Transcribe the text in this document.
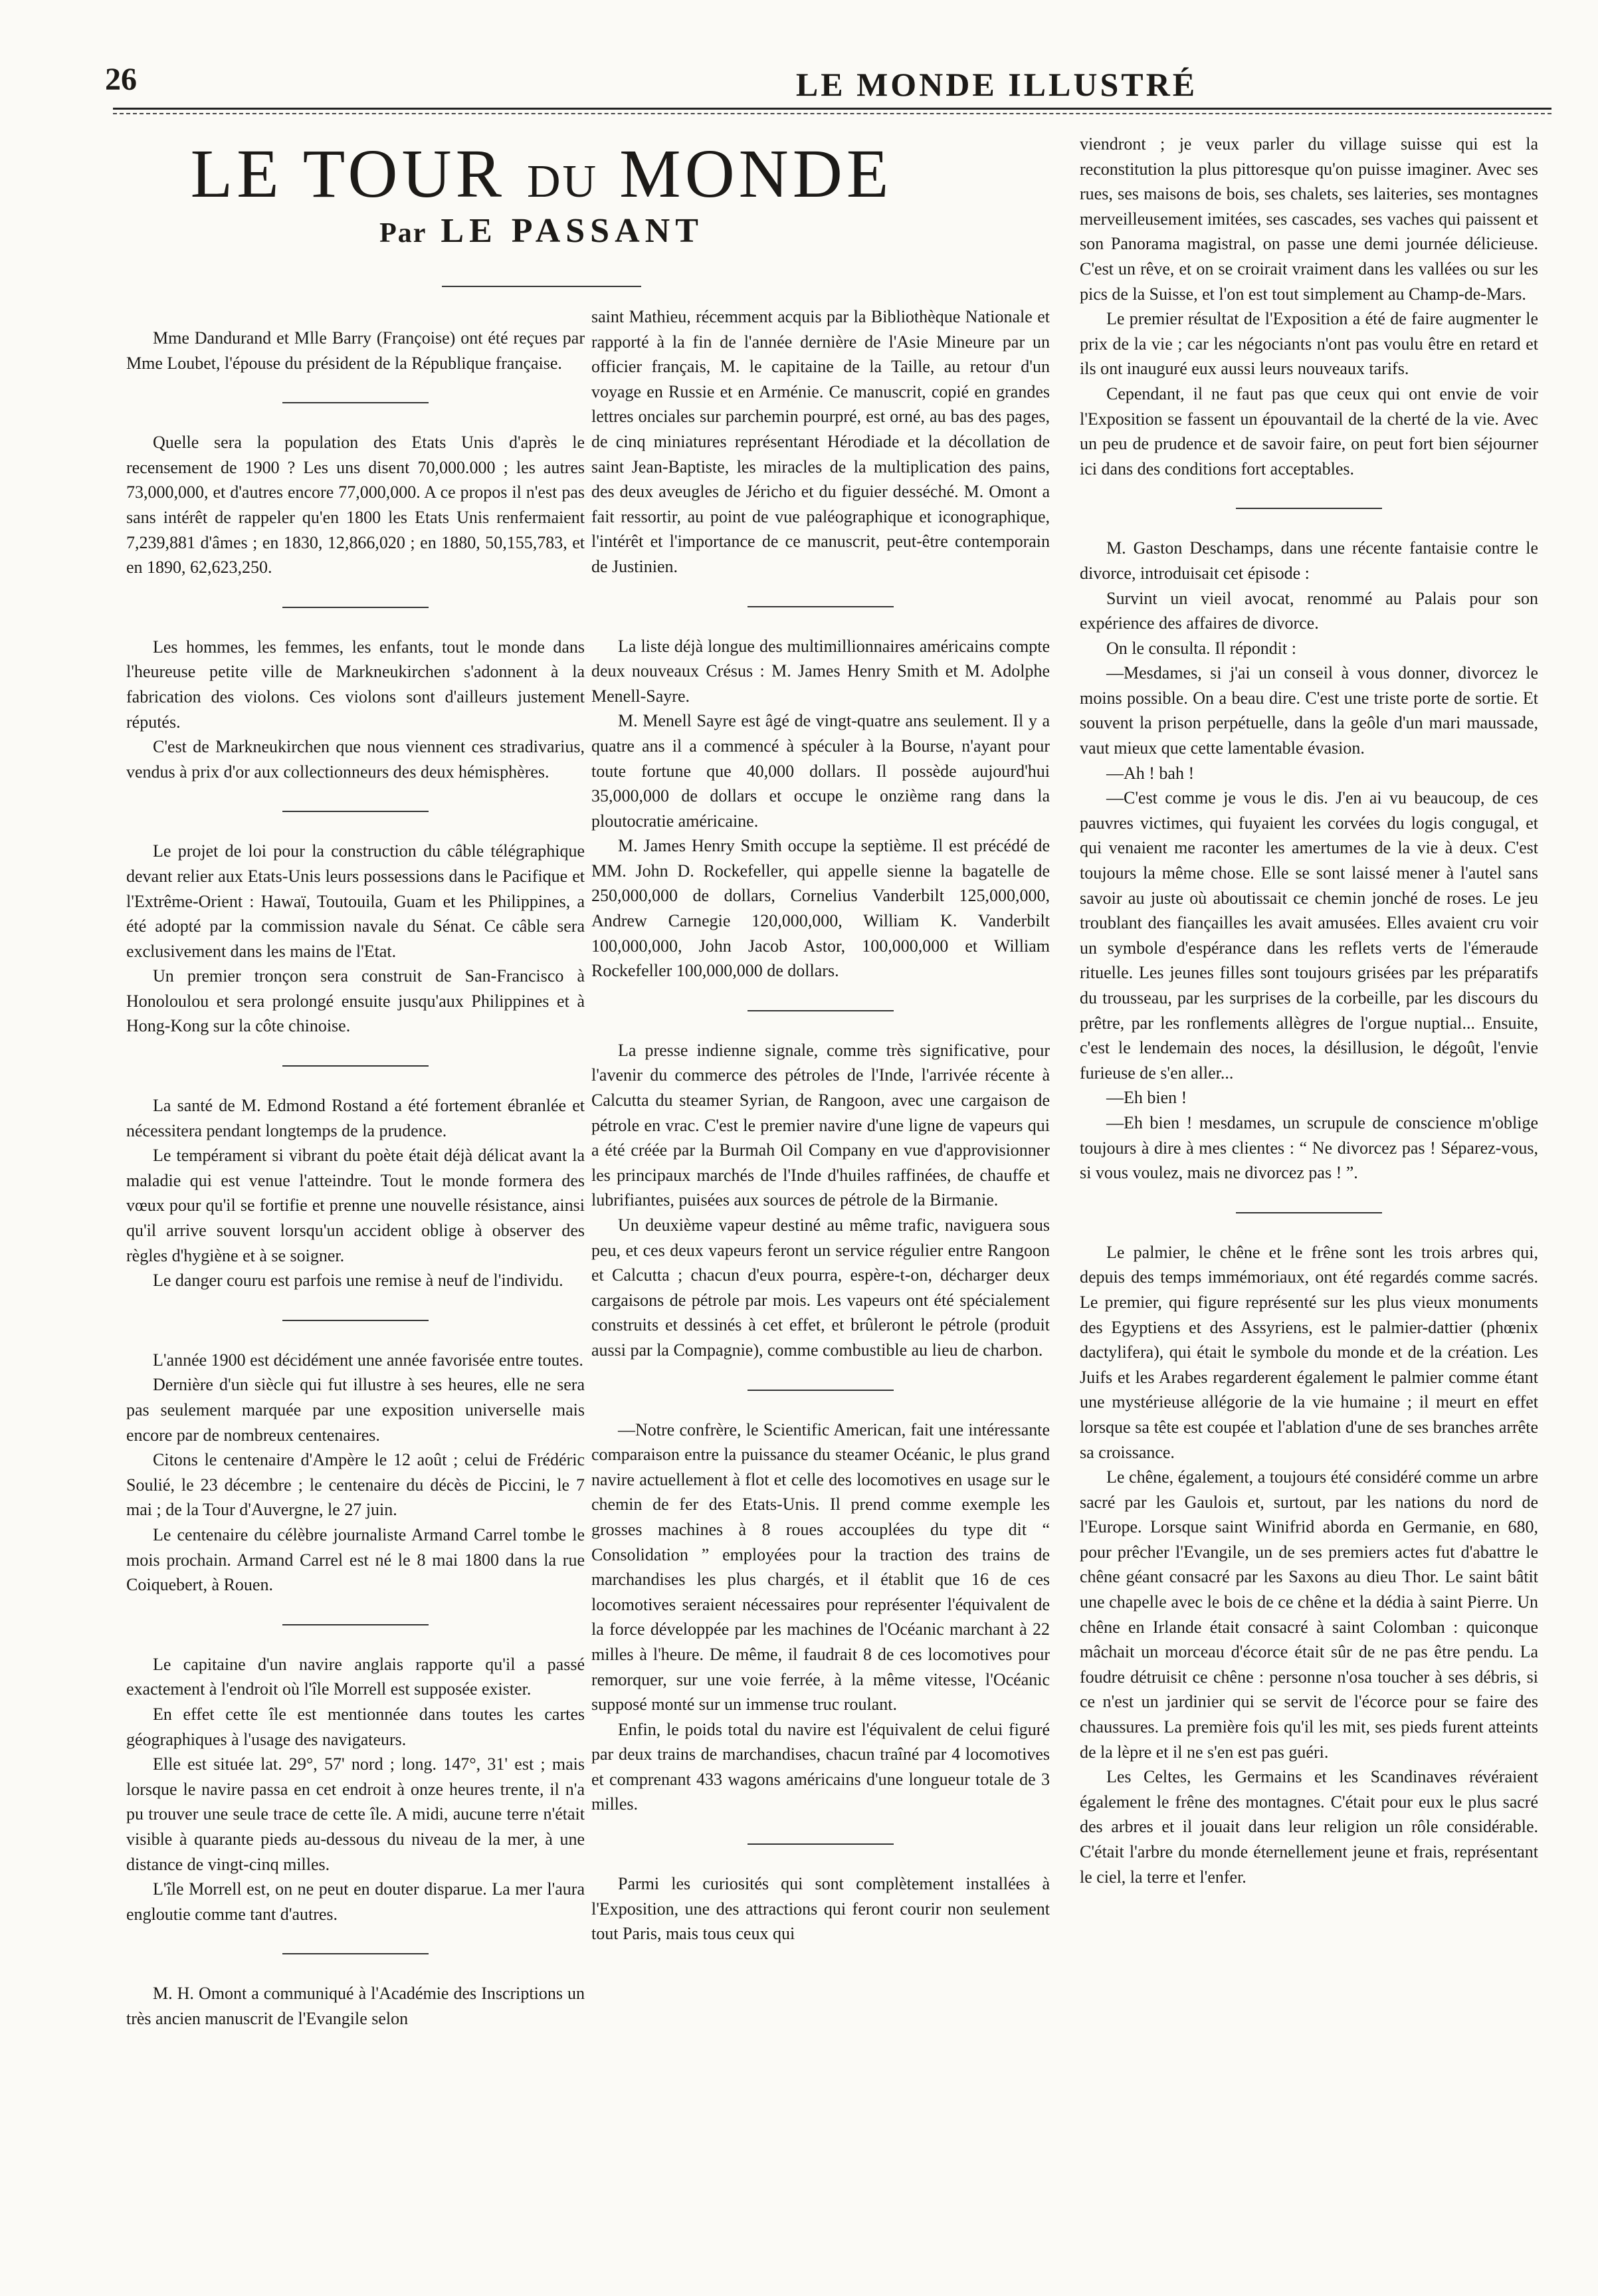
26	LE MONDE ILLUSTRÉ
LE TOUR DU MONDE
Par LE PASSANT

Mme Dandurand et Mlle Barry (Françoise) ont été reçues par Mme Loubet, l'épouse du président de la République française.

Quelle sera la population des Etats Unis d'après le recensement de 1900 ? Les uns disent 70,000.000 ; les autres 73,000,000, et d'autres encore 77,000,000. A ce propos il n'est pas sans intérêt de rappeler qu'en 1800 les Etats Unis renfermaient 7,239,881 d'âmes ; en 1830, 12,866,020 ; en 1880, 50,155,783, et en 1890, 62,623,250.

Les hommes, les femmes, les enfants, tout le monde dans l'heureuse petite ville de Markneukirchen s'adonnent à la fabrication des violons. Ces violons sont d'ailleurs justement réputés.

C'est de Markneukirchen que nous viennent ces stradivarius, vendus à prix d'or aux collectionneurs des deux hémisphères.

Le projet de loi pour la construction du câble télégraphique devant relier aux Etats-Unis leurs possessions dans le Pacifique et l'Extrême-Orient : Hawaï, Toutouila, Guam et les Philippines, a été adopté par la commission navale du Sénat. Ce câble sera exclusivement dans les mains de l'Etat.

Un premier tronçon sera construit de San-Francisco à Honoloulou et sera prolongé ensuite jusqu'aux Philippines et à Hong-Kong sur la côte chinoise.

La santé de M. Edmond Rostand a été fortement ébranlée et nécessitera pendant longtemps de la prudence.

Le tempérament si vibrant du poète était déjà délicat avant la maladie qui est venue l'atteindre. Tout le monde formera des vœux pour qu'il se fortifie et prenne une nouvelle résistance, ainsi qu'il arrive souvent lorsqu'un accident oblige à observer des règles d'hygiène et à se soigner.

Le danger couru est parfois une remise à neuf de l'individu.

L'année 1900 est décidément une année favorisée entre toutes.

Dernière d'un siècle qui fut illustre à ses heures, elle ne sera pas seulement marquée par une exposition universelle mais encore par de nombreux centenaires.

Citons le centenaire d'Ampère le 12 août ; celui de Frédéric Soulié, le 23 décembre ; le centenaire du décès de Piccini, le 7 mai ; de la Tour d'Auvergne, le 27 juin.

Le centenaire du célèbre journaliste Armand Carrel tombe le mois prochain. Armand Carrel est né le 8 mai 1800 dans la rue Coiquebert, à Rouen.

Le capitaine d'un navire anglais rapporte qu'il a passé exactement à l'endroit où l'île Morrell est supposée exister.

En effet cette île est mentionnée dans toutes les cartes géographiques à l'usage des navigateurs.

Elle est située lat. 29°, 57' nord ; long. 147°, 31' est ; mais lorsque le navire passa en cet endroit à onze heures trente, il n'a pu trouver une seule trace de cette île. A midi, aucune terre n'était visible à quarante pieds au-dessous du niveau de la mer, à une distance de vingt-cinq milles.

L'île Morrell est, on ne peut en douter disparue. La mer l'aura engloutie comme tant d'autres.

M. H. Omont a communiqué à l'Académie des Inscriptions un très ancien manuscrit de l'Evangile selon

saint Mathieu, récemment acquis par la Bibliothèque Nationale et rapporté à la fin de l'année dernière de l'Asie Mineure par un officier français, M. le capitaine de la Taille, au retour d'un voyage en Russie et en Arménie. Ce manuscrit, copié en grandes lettres onciales sur parchemin pourpré, est orné, au bas des pages, de cinq miniatures représentant Hérodiade et la décollation de saint Jean-Baptiste, les miracles de la multiplication des pains, des deux aveugles de Jéricho et du figuier desséché. M. Omont a fait ressortir, au point de vue paléographique et iconographique, l'intérêt et l'importance de ce manuscrit, peut-être contemporain de Justinien.

La liste déjà longue des multimillionnaires américains compte deux nouveaux Crésus : M. James Henry Smith et M. Adolphe Menell-Sayre.

M. Menell Sayre est âgé de vingt-quatre ans seulement. Il y a quatre ans il a commencé à spéculer à la Bourse, n'ayant pour toute fortune que 40,000 dollars. Il possède aujourd'hui 35,000,000 de dollars et occupe le onzième rang dans la ploutocratie américaine.

M. James Henry Smith occupe la septième. Il est précédé de MM. John D. Rockefeller, qui appelle sienne la bagatelle de 250,000,000 de dollars, Cornelius Vanderbilt 125,000,000, Andrew Carnegie 120,000,000, William K. Vanderbilt 100,000,000, John Jacob Astor, 100,000,000 et William Rockefeller 100,000,000 de dollars.

La presse indienne signale, comme très significative, pour l'avenir du commerce des pétroles de l'Inde, l'arrivée récente à Calcutta du steamer Syrian, de Rangoon, avec une cargaison de pétrole en vrac. C'est le premier navire d'une ligne de vapeurs qui a été créée par la Burmah Oil Company en vue d'approvisionner les principaux marchés de l'Inde d'huiles raffinées, de chauffe et lubrifiantes, puisées aux sources de pétrole de la Birmanie.

Un deuxième vapeur destiné au même trafic, naviguera sous peu, et ces deux vapeurs feront un service régulier entre Rangoon et Calcutta ; chacun d'eux pourra, espère-t-on, décharger deux cargaisons de pétrole par mois. Les vapeurs ont été spécialement construits et dessinés à cet effet, et brûleront le pétrole (produit aussi par la Compagnie), comme combustible au lieu de charbon.

—Notre confrère, le Scientific American, fait une intéressante comparaison entre la puissance du steamer Océanic, le plus grand navire actuellement à flot et celle des locomotives en usage sur le chemin de fer des Etats-Unis. Il prend comme exemple les grosses machines à 8 roues accouplées du type dit “ Consolidation ” employées pour la traction des trains de marchandises les plus chargés, et il établit que 16 de ces locomotives seraient nécessaires pour représenter l'équivalent de la force développée par les machines de l'Océanic marchant à 22 milles à l'heure. De même, il faudrait 8 de ces locomotives pour remorquer, sur une voie ferrée, à la même vitesse, l'Océanic supposé monté sur un immense truc roulant.

Enfin, le poids total du navire est l'équivalent de celui figuré par deux trains de marchandises, chacun traîné par 4 locomotives et comprenant 433 wagons américains d'une longueur totale de 3 milles.

Parmi les curiosités qui sont complètement installées à l'Exposition, une des attractions qui feront courir non seulement tout Paris, mais tous ceux qui

viendront ; je veux parler du village suisse qui est la reconstitution la plus pittoresque qu'on puisse imaginer. Avec ses rues, ses maisons de bois, ses chalets, ses laiteries, ses montagnes merveilleusement imitées, ses cascades, ses vaches qui paissent et son Panorama magistral, on passe une demi journée délicieuse. C'est un rêve, et on se croirait vraiment dans les vallées ou sur les pics de la Suisse, et l'on est tout simplement au Champ-de-Mars.

Le premier résultat de l'Exposition a été de faire augmenter le prix de la vie ; car les négociants n'ont pas voulu être en retard et ils ont inauguré eux aussi leurs nouveaux tarifs.

Cependant, il ne faut pas que ceux qui ont envie de voir l'Exposition se fassent un épouvantail de la cherté de la vie. Avec un peu de prudence et de savoir faire, on peut fort bien séjourner ici dans des conditions fort acceptables.

M. Gaston Deschamps, dans une récente fantaisie contre le divorce, introduisait cet épisode :

Survint un vieil avocat, renommé au Palais pour son expérience des affaires de divorce.

On le consulta. Il répondit :

—Mesdames, si j'ai un conseil à vous donner, divorcez le moins possible. On a beau dire. C'est une triste porte de sortie. Et souvent la prison perpétuelle, dans la geôle d'un mari maussade, vaut mieux que cette lamentable évasion.

—Ah ! bah !

—C'est comme je vous le dis. J'en ai vu beaucoup, de ces pauvres victimes, qui fuyaient les corvées du logis congugal, et qui venaient me raconter les amertumes de la vie à deux. C'est toujours la même chose. Elle se sont laissé mener à l'autel sans savoir au juste où aboutissait ce chemin jonché de roses. Le jeu troublant des fiançailles les avait amusées. Elles avaient cru voir un symbole d'espérance dans les reflets verts de l'émeraude rituelle. Les jeunes filles sont toujours grisées par les préparatifs du trousseau, par les surprises de la corbeille, par les discours du prêtre, par les ronflements allègres de l'orgue nuptial... Ensuite, c'est le lendemain des noces, la désillusion, le dégoût, l'envie furieuse de s'en aller...

—Eh bien !

—Eh bien ! mesdames, un scrupule de conscience m'oblige toujours à dire à mes clientes : “ Ne divorcez pas ! Séparez-vous, si vous voulez, mais ne divorcez pas ! ”.

Le palmier, le chêne et le frêne sont les trois arbres qui, depuis des temps immémoriaux, ont été regardés comme sacrés. Le premier, qui figure représenté sur les plus vieux monuments des Egyptiens et des Assyriens, est le palmier-dattier (phœnix dactylifera), qui était le symbole du monde et de la création. Les Juifs et les Arabes regarderent également le palmier comme étant une mystérieuse allégorie de la vie humaine ; il meurt en effet lorsque sa tête est coupée et l'ablation d'une de ses branches arrête sa croissance.

Le chêne, également, a toujours été considéré comme un arbre sacré par les Gaulois et, surtout, par les nations du nord de l'Europe. Lorsque saint Winifrid aborda en Germanie, en 680, pour prêcher l'Evangile, un de ses premiers actes fut d'abattre le chêne géant consacré par les Saxons au dieu Thor. Le saint bâtit une chapelle avec le bois de ce chêne et la dédia à saint Pierre. Un chêne en Irlande était consacré à saint Colomban : quiconque mâchait un morceau d'écorce était sûr de ne pas être pendu. La foudre détruisit ce chêne : personne n'osa toucher à ses débris, si ce n'est un jardinier qui se servit de l'écorce pour se faire des chaussures. La première fois qu'il les mit, ses pieds furent atteints de la lèpre et il ne s'en est pas guéri.

Les Celtes, les Germains et les Scandinaves révéraient également le frêne des montagnes. C'était pour eux le plus sacré des arbres et il jouait dans leur religion un rôle considérable. C'était l'arbre du monde éternellement jeune et frais, représentant le ciel, la terre et l'enfer.
